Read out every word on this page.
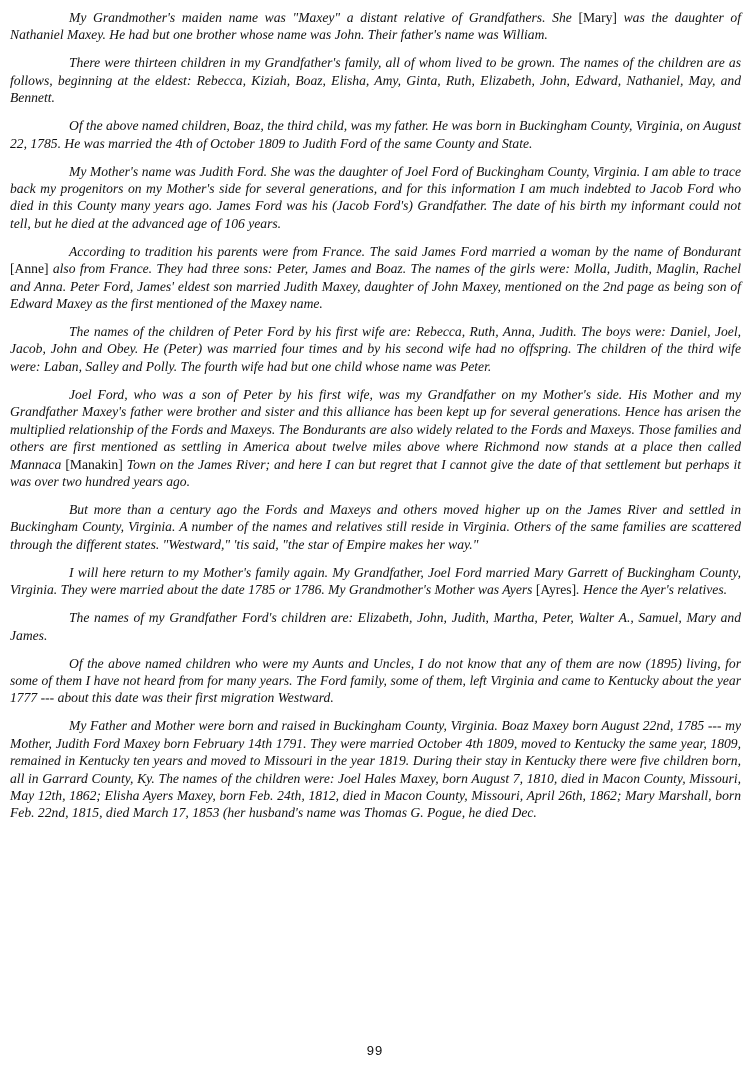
My Grandmother's maiden name was "Maxey" a distant relative of Grandfathers. She [Mary] was the daughter of Nathaniel Maxey. He had but one brother whose name was John. Their father's name was William.

There were thirteen children in my Grandfather's family, all of whom lived to be grown. The names of the children are as follows, beginning at the eldest: Rebecca, Kiziah, Boaz, Elisha, Amy, Ginta, Ruth, Elizabeth, John, Edward, Nathaniel, May, and Bennett.

Of the above named children, Boaz, the third child, was my father. He was born in Buckingham County, Virginia, on August 22, 1785. He was married the 4th of October 1809 to Judith Ford of the same County and State.

My Mother's name was Judith Ford. She was the daughter of Joel Ford of Buckingham County, Virginia. I am able to trace back my progenitors on my Mother's side for several generations, and for this information I am much indebted to Jacob Ford who died in this County many years ago. James Ford was his (Jacob Ford's) Grandfather. The date of his birth my informant could not tell, but he died at the advanced age of 106 years.

According to tradition his parents were from France. The said James Ford married a woman by the name of Bondurant [Anne] also from France. They had three sons: Peter, James and Boaz. The names of the girls were: Molla, Judith, Maglin, Rachel and Anna. Peter Ford, James' eldest son married Judith Maxey, daughter of John Maxey, mentioned on the 2nd page as being son of Edward Maxey as the first mentioned of the Maxey name.

The names of the children of Peter Ford by his first wife are: Rebecca, Ruth, Anna, Judith. The boys were: Daniel, Joel, Jacob, John and Obey. He (Peter) was married four times and by his second wife had no offspring. The children of the third wife were: Laban, Salley and Polly. The fourth wife had but one child whose name was Peter.

Joel Ford, who was a son of Peter by his first wife, was my Grandfather on my Mother's side. His Mother and my Grandfather Maxey's father were brother and sister and this alliance has been kept up for several generations. Hence has arisen the multiplied relationship of the Fords and Maxeys. The Bondurants are also widely related to the Fords and Maxeys. Those families and others are first mentioned as settling in America about twelve miles above where Richmond now stands at a place then called Mannaca [Manakin] Town on the James River; and here I can but regret that I cannot give the date of that settlement but perhaps it was over two hundred years ago.

But more than a century ago the Fords and Maxeys and others moved higher up on the James River and settled in Buckingham County, Virginia. A number of the names and relatives still reside in Virginia. Others of the same families are scattered through the different states. "Westward," 'tis said, "the star of Empire makes her way."

I will here return to my Mother's family again. My Grandfather, Joel Ford married Mary Garrett of Buckingham County, Virginia. They were married about the date 1785 or 1786. My Grandmother's Mother was Ayers [Ayres]. Hence the Ayer's relatives.

The names of my Grandfather Ford's children are: Elizabeth, John, Judith, Martha, Peter, Walter A., Samuel, Mary and James.

Of the above named children who were my Aunts and Uncles, I do not know that any of them are now (1895) living, for some of them I have not heard from for many years. The Ford family, some of them, left Virginia and came to Kentucky about the year 1777 --- about this date was their first migration Westward.

My Father and Mother were born and raised in Buckingham County, Virginia. Boaz Maxey born August 22nd, 1785 --- my Mother, Judith Ford Maxey born February 14th 1791. They were married October 4th 1809, moved to Kentucky the same year, 1809, remained in Kentucky ten years and moved to Missouri in the year 1819. During their stay in Kentucky there were five children born, all in Garrard County, Ky. The names of the children were: Joel Hales Maxey, born August 7, 1810, died in Macon County, Missouri, May 12th, 1862; Elisha Ayers Maxey, born Feb. 24th, 1812, died in Macon County, Missouri, April 26th, 1862; Mary Marshall, born Feb. 22nd, 1815, died March 17, 1853 (her husband's name was Thomas G. Pogue, he died Dec.

99
